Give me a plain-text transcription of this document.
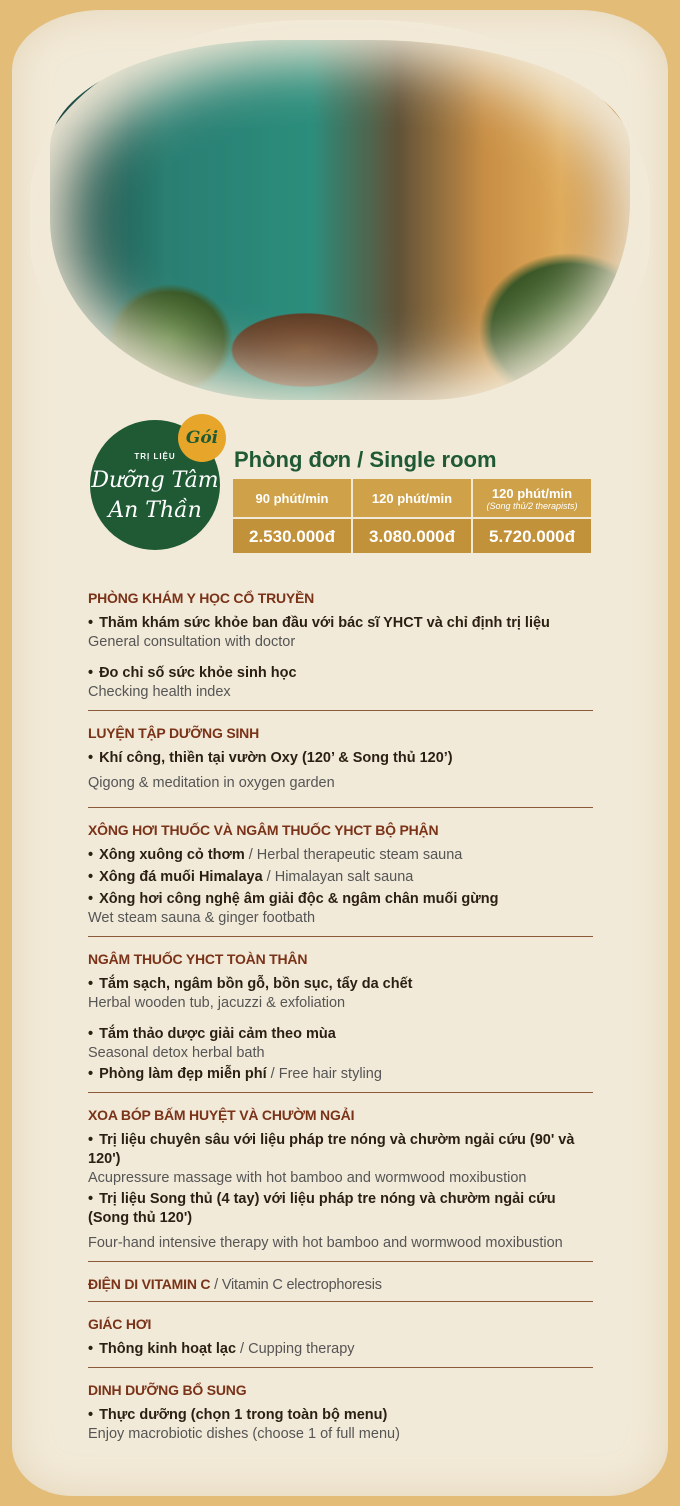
Gói
TRỊ LIỆU
Dưỡng Tâm
An Thần
Phòng đơn / Single room
90 phút/min	120 phút/min	120 phút/min
(Song thủ/2 therapists)
2.530.000đ	3.080.000đ	5.720.000đ

PHÒNG KHÁM Y HỌC CỔ TRUYỀN

• Thăm khám sức khỏe ban đầu với bác sĩ YHCT và chỉ định trị liệu

General consultation with doctor

• Đo chỉ số sức khỏe sinh học

Checking health index

LUYỆN TẬP DƯỠNG SINH

• Khí công, thiền tại vườn Oxy (120’ & Song thủ 120’)

Qigong & meditation in oxygen garden

XÔNG HƠI THUỐC VÀ NGÂM THUỐC YHCT BỘ PHẬN

• Xông xuông cỏ thơm / Herbal therapeutic steam sauna

• Xông đá muối Himalaya / Himalayan salt sauna

• Xông hơi công nghệ âm giải độc & ngâm chân muối gừng

Wet steam sauna & ginger footbath

NGÂM THUỐC YHCT TOÀN THÂN

• Tắm sạch, ngâm bồn gỗ, bồn sục, tẩy da chết

Herbal wooden tub, jacuzzi & exfoliation

• Tắm thảo dược giải cảm theo mùa

Seasonal detox herbal bath

• Phòng làm đẹp miễn phí / Free hair styling

XOA BÓP BẤM HUYỆT VÀ CHƯỜM NGẢI

• Trị liệu chuyên sâu với liệu pháp tre nóng và chườm ngải cứu (90' và 120')

Acupressure massage with hot bamboo and wormwood moxibustion

• Trị liệu Song thủ (4 tay) với liệu pháp tre nóng và chườm ngải cứu (Song thủ 120')

Four-hand intensive therapy with hot bamboo and wormwood moxibustion

ĐIỆN DI VITAMIN C / Vitamin C electrophoresis

GIÁC HƠI

• Thông kinh hoạt lạc / Cupping therapy

DINH DƯỠNG BỔ SUNG

• Thực dưỡng (chọn 1 trong toàn bộ menu)

Enjoy macrobiotic dishes (choose 1 of full menu)
